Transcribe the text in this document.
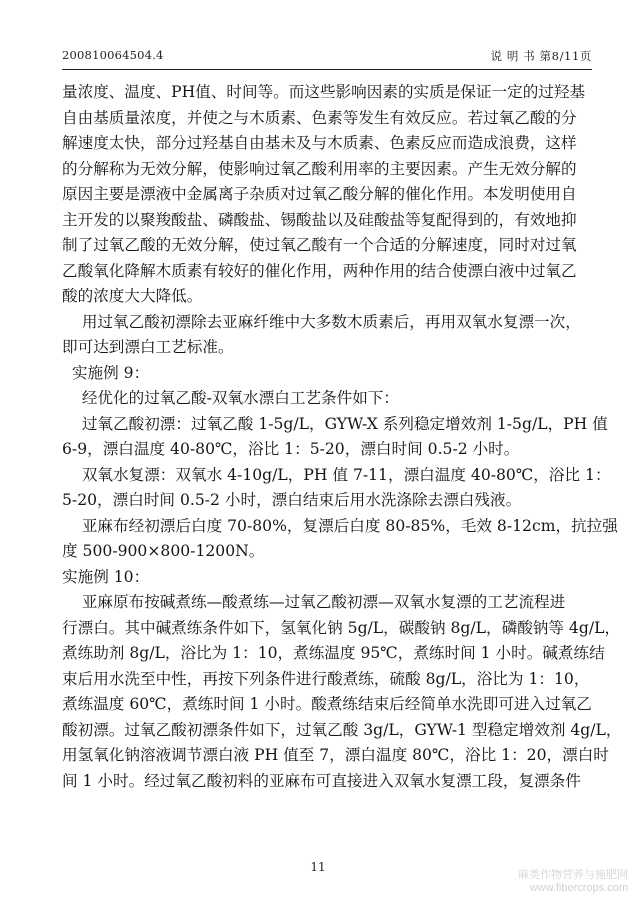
200810064504.4	说 明 书 第8/11页
量浓度、温度、PH值、时间等。而这些影响因素的实质是保证一定的过羟基
自由基质量浓度，并使之与木质素、色素等发生有效反应。若过氧乙酸的分
解速度太快，部分过羟基自由基未及与木质素、色素反应而造成浪费，这样
的分解称为无效分解，使影响过氧乙酸利用率的主要因素。产生无效分解的
原因主要是漂液中金属离子杂质对过氧乙酸分解的催化作用。本发明使用自
主开发的以聚羧酸盐、磷酸盐、锡酸盐以及硅酸盐等复配得到的，有效地抑
制了过氧乙酸的无效分解，使过氧乙酸有一个合适的分解速度，同时对过氧
乙酸氧化降解木质素有较好的催化作用，两种作用的结合使漂白液中过氧乙
酸的浓度大大降低。
用过氧乙酸初漂除去亚麻纤维中大多数木质素后，再用双氧水复漂一次，
即可达到漂白工艺标准。
实施例 9：
经优化的过氧乙酸-双氧水漂白工艺条件如下：
过氧乙酸初漂：过氧乙酸 1-5g/L，GYW-X 系列稳定增效剂 1-5g/L，PH 值
6-9，漂白温度 40-80℃，浴比 1：5-20，漂白时间 0.5-2 小时。
双氧水复漂：双氧水 4-10g/L，PH 值 7-11，漂白温度 40-80℃，浴比 1：
5-20，漂白时间 0.5-2 小时，漂白结束后用水洗涤除去漂白残液。
亚麻布经初漂后白度 70-80%，复漂后白度 80-85%，毛效 8-12cm，抗拉强
度 500-900×800-1200N。
实施例 10：
亚麻原布按碱煮练—酸煮练—过氧乙酸初漂—双氧水复漂的工艺流程进
行漂白。其中碱煮练条件如下，氢氧化钠 5g/L，碳酸钠 8g/L，磷酸钠等 4g/L，
煮练助剂 8g/L，浴比为 1：10，煮练温度 95℃，煮练时间 1 小时。碱煮练结
束后用水洗至中性，再按下列条件进行酸煮练，硫酸 8g/L，浴比为 1：10，
煮练温度 60℃，煮练时间 1 小时。酸煮练结束后经简单水洗即可进入过氧乙
酸初漂。过氧乙酸初漂条件如下，过氧乙酸 3g/L，GYW-1 型稳定增效剂 4g/L，
用氢氧化钠溶液调节漂白液 PH 值至 7，漂白温度 80℃，浴比 1：20，漂白时
间 1 小时。经过氧乙酸初料的亚麻布可直接进入双氧水复漂工段，复漂条件
11
麻类作物营养与施肥网
www.fibercrops.com
